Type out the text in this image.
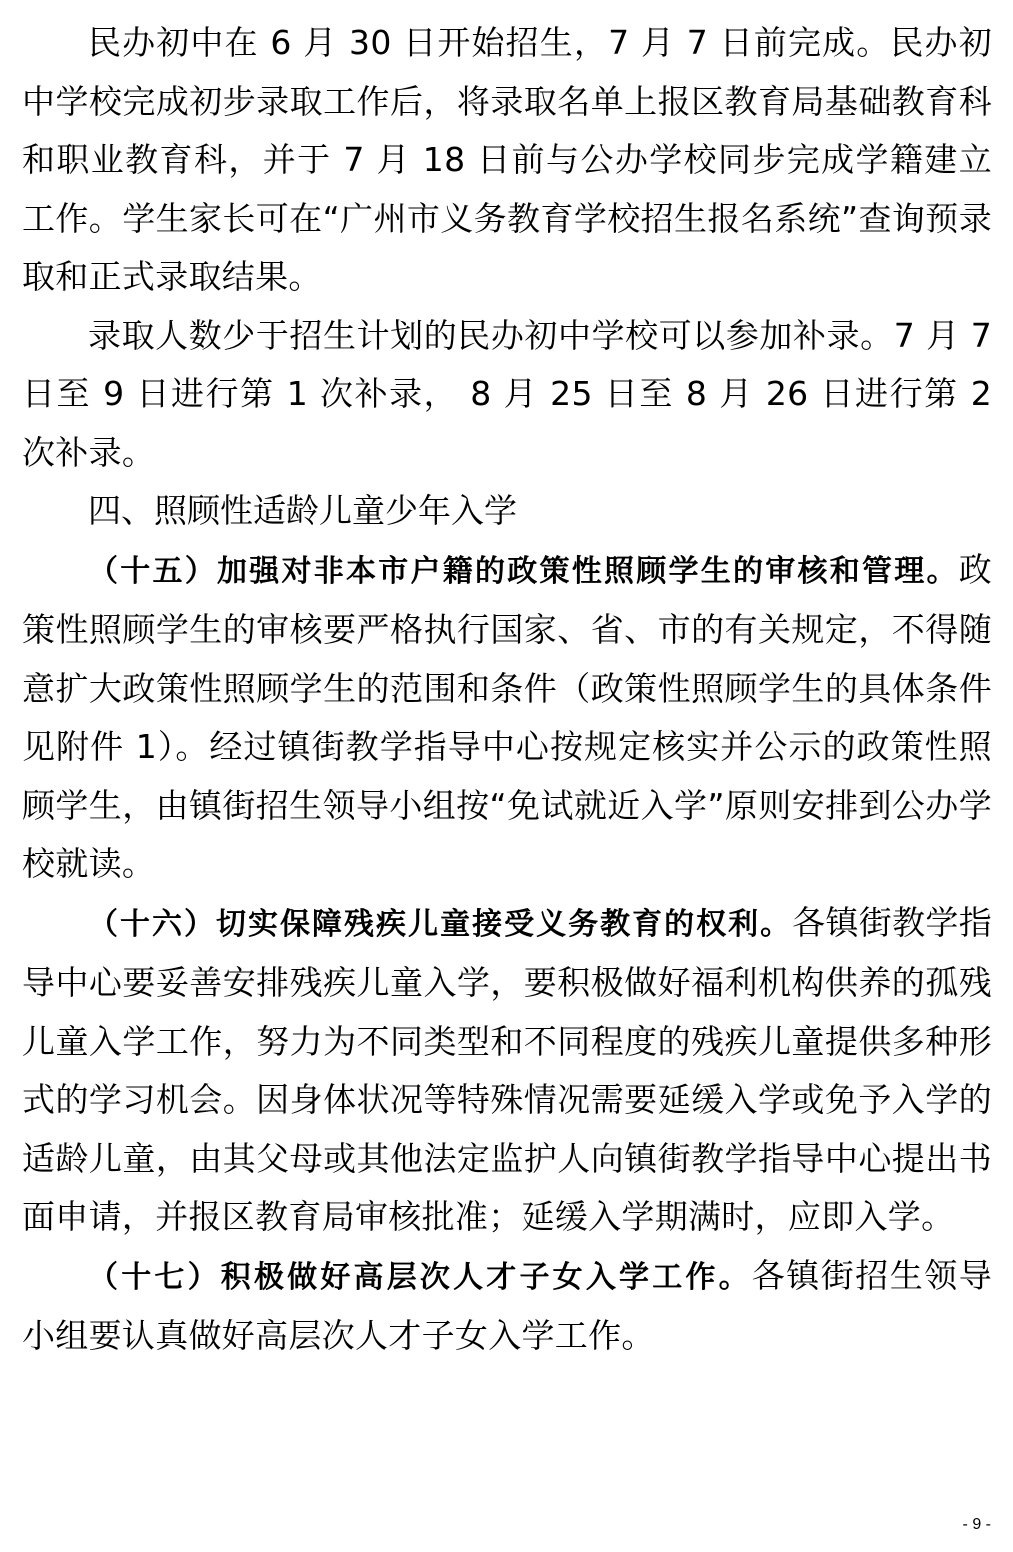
民办初中在 6 月 30 日开始招生，7 月 7 日前完成。民办初中学校完成初步录取工作后，将录取名单上报区教育局基础教育科和职业教育科，并于 7 月 18 日前与公办学校同步完成学籍建立工作。学生家长可在“广州市义务教育学校招生报名系统”查询预录取和正式录取结果。

录取人数少于招生计划的民办初中学校可以参加补录。7 月 7 日至 9 日进行第 1 次补录， 8 月 25 日至 8 月 26 日进行第 2 次补录。

四、照顾性适龄儿童少年入学

（十五）加强对非本市户籍的政策性照顾学生的审核和管理。政策性照顾学生的审核要严格执行国家、省、市的有关规定，不得随意扩大政策性照顾学生的范围和条件（政策性照顾学生的具体条件见附件 1）。经过镇街教学指导中心按规定核实并公示的政策性照顾学生，由镇街招生领导小组按“免试就近入学”原则安排到公办学校就读。

（十六）切实保障残疾儿童接受义务教育的权利。各镇街教学指导中心要妥善安排残疾儿童入学，要积极做好福利机构供养的孤残儿童入学工作，努力为不同类型和不同程度的残疾儿童提供多种形式的学习机会。因身体状况等特殊情况需要延缓入学或免予入学的适龄儿童，由其父母或其他法定监护人向镇街教学指导中心提出书面申请，并报区教育局审核批准；延缓入学期满时，应即入学。

（十七）积极做好高层次人才子女入学工作。各镇街招生领导小组要认真做好高层次人才子女入学工作。

- 9 -
